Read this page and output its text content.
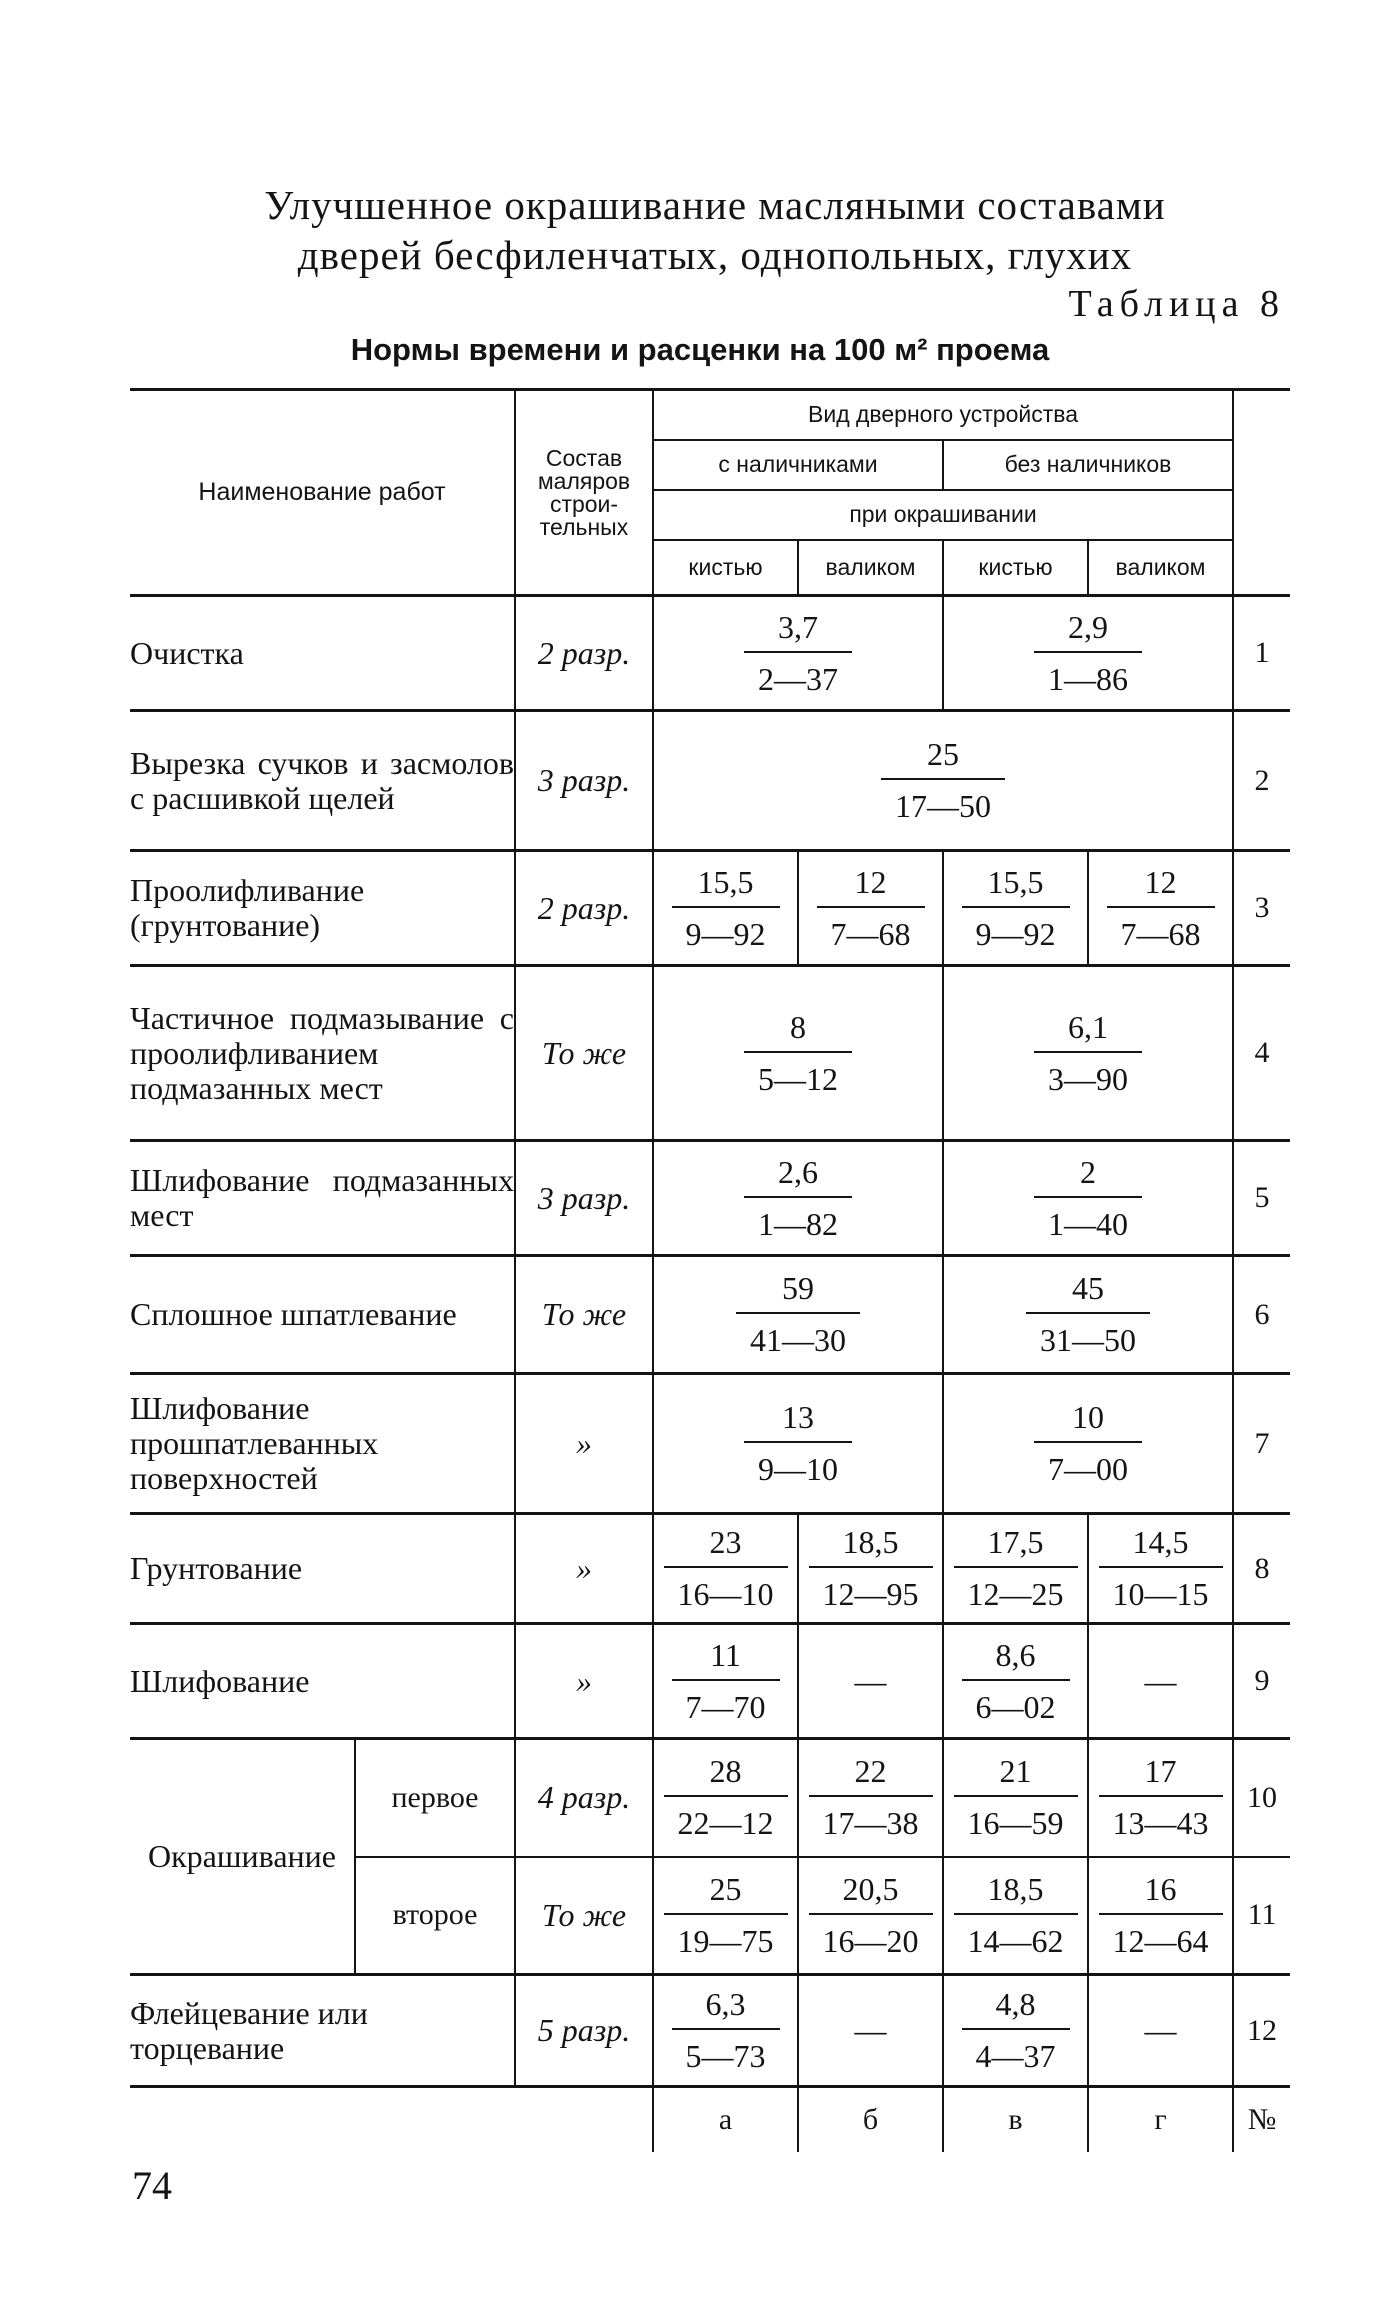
Улучшенное окрашивание масляными составами
дверей бесфиленчатых, однопольных, глухих
Таблица 8
Нормы времени и расценки на 100 м² проема
Наименование работ		Состав маляров строи-тельных	Вид дверного устройства				
			с наличниками		без наличников		
			при окрашивании				
			кистью	валиком	кистью	валиком	
Очистка		2 разр.	$\frac{3,7}{2—37}$		$\frac{2,9}{1—86}$		1

Вырезка сучков и засмолов с расшивкой щелей		3 разр.	$\frac{25}{17—50}$				2
Проолифливание (грунтование)		2 разр.	$\frac{15,5}{9—92}$	$\frac{12}{7—68}$	$\frac{15,5}{9—92}$	$\frac{12}{7—68}$	3

Частичное подмазывание с проолифливанием подмазанных мест		То же	$\frac{8}{5—12}$		$\frac{6,1}{3—90}$		4

Шлифование подмазанных мест		3 разр.	$\frac{2,6}{1—82}$		$\frac{2}{1—40}$		5

Сплошное шпатлевание		То же	$\frac{59}{41—30}$		$\frac{45}{31—50}$		6

Шлифование прошпатлеванных поверхностей		»	$\frac{13}{9—10}$		$\frac{10}{7—00}$		7
Грунтование		»	$\frac{23}{16—10}$	$\frac{18,5}{12—95}$	$\frac{17,5}{12—25}$	$\frac{14,5}{10—15}$	8
Шлифование		»	$\frac{11}{7—70}$	—	$\frac{8,6}{6—02}$	—	9
Окрашивание	первое	4 разр.	$\frac{28}{22—12}$	$\frac{22}{17—38}$	$\frac{21}{16—59}$	$\frac{17}{13—43}$	10
	второе	То же	$\frac{25}{19—75}$	$\frac{20,5}{16—20}$	$\frac{18,5}{14—62}$	$\frac{16}{12—64}$	11
Флейцевание или торцевание		5 разр.	$\frac{6,3}{5—73}$	—	$\frac{4,8}{4—37}$	—	12
			а	б	в	г	№
74
